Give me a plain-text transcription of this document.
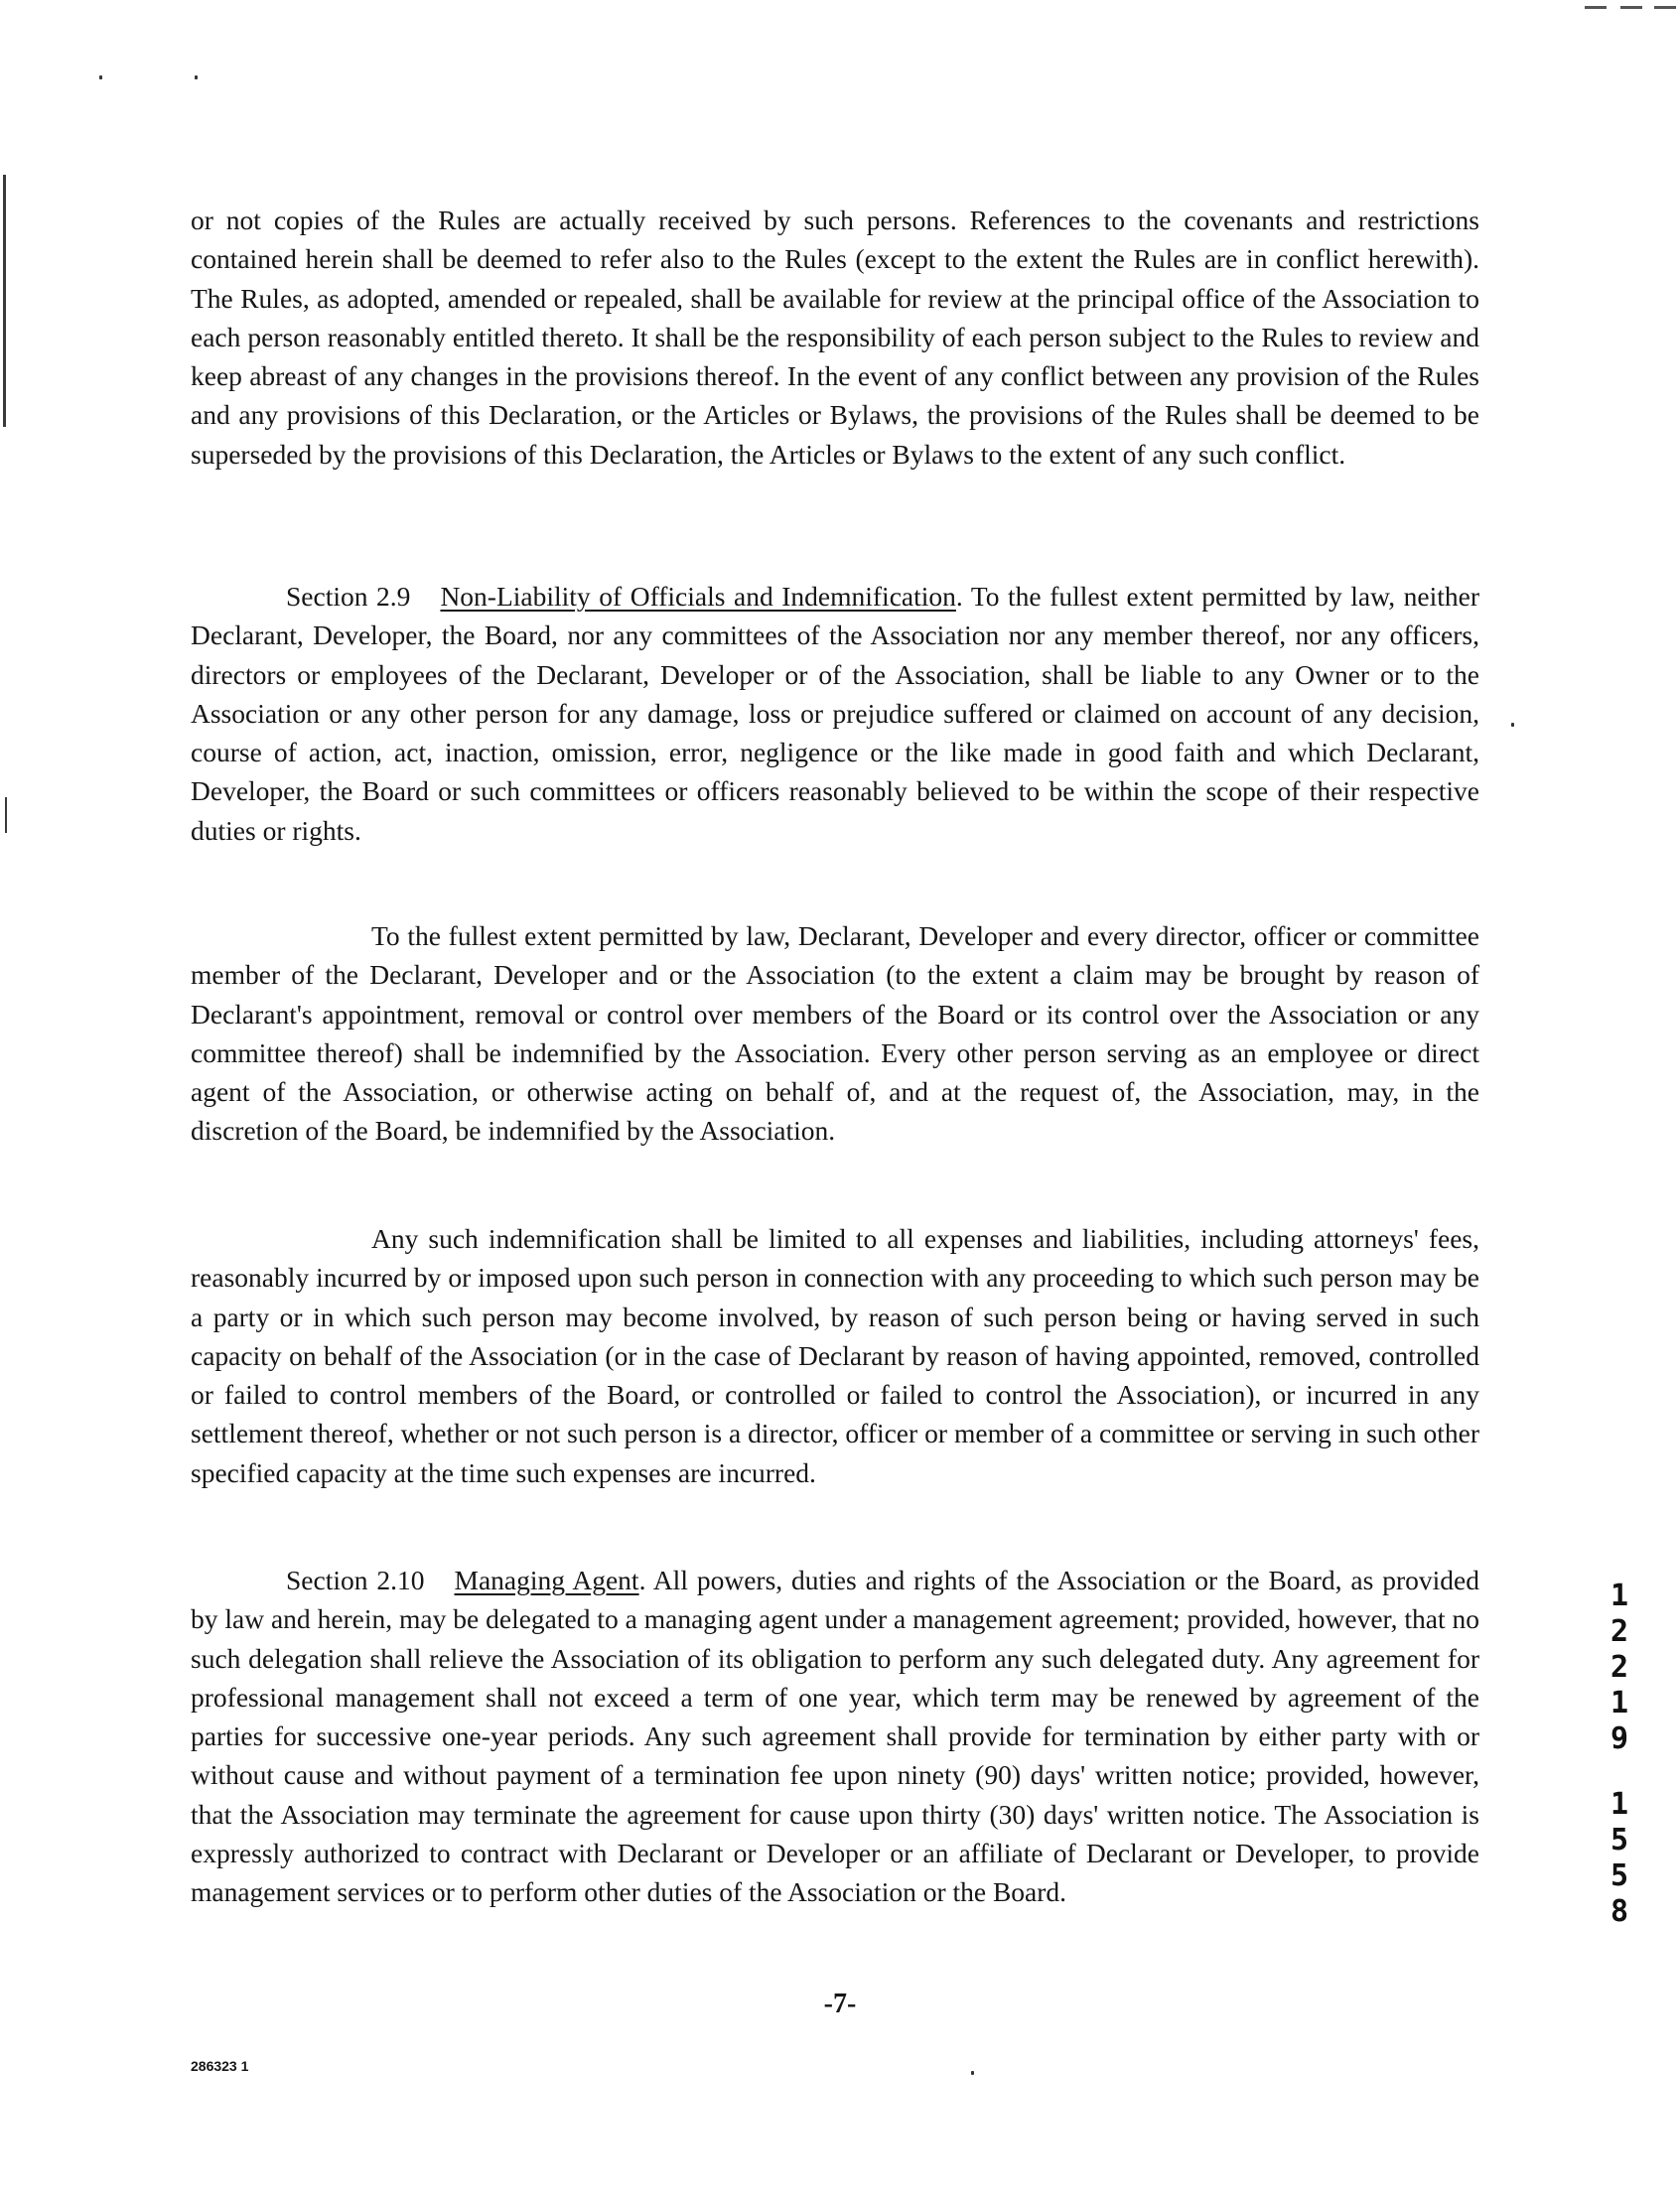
or not copies of the Rules are actually received by such persons. References to the covenants and restrictions contained herein shall be deemed to refer also to the Rules (except to the extent the Rules are in conflict herewith). The Rules, as adopted, amended or repealed, shall be available for review at the principal office of the Association to each person reasonably entitled thereto. It shall be the responsibility of each person subject to the Rules to review and keep abreast of any changes in the provisions thereof. In the event of any conflict between any provision of the Rules and any provisions of this Declaration, or the Articles or Bylaws, the provisions of the Rules shall be deemed to be superseded by the provisions of this Declaration, the Articles or Bylaws to the extent of any such conflict.

Section 2.9 Non-Liability of Officials and Indemnification. To the fullest extent permitted by law, neither Declarant, Developer, the Board, nor any committees of the Association nor any member thereof, nor any officers, directors or employees of the Declarant, Developer or of the Association, shall be liable to any Owner or to the Association or any other person for any damage, loss or prejudice suffered or claimed on account of any decision, course of action, act, inaction, omission, error, negligence or the like made in good faith and which Declarant, Developer, the Board or such committees or officers reasonably believed to be within the scope of their respective duties or rights.

To the fullest extent permitted by law, Declarant, Developer and every director, officer or committee member of the Declarant, Developer and or the Association (to the extent a claim may be brought by reason of Declarant's appointment, removal or control over members of the Board or its control over the Association or any committee thereof) shall be indemnified by the Association. Every other person serving as an employee or direct agent of the Association, or otherwise acting on behalf of, and at the request of, the Association, may, in the discretion of the Board, be indemnified by the Association.

Any such indemnification shall be limited to all expenses and liabilities, including attorneys' fees, reasonably incurred by or imposed upon such person in connection with any proceeding to which such person may be a party or in which such person may become involved, by reason of such person being or having served in such capacity on behalf of the Association (or in the case of Declarant by reason of having appointed, removed, controlled or failed to control members of the Board, or controlled or failed to control the Association), or incurred in any settlement thereof, whether or not such person is a director, officer or member of a committee or serving in such other specified capacity at the time such expenses are incurred.

Section 2.10 Managing Agent. All powers, duties and rights of the Association or the Board, as provided by law and herein, may be delegated to a managing agent under a management agreement; provided, however, that no such delegation shall relieve the Association of its obligation to perform any such delegated duty. Any agreement for professional management shall not exceed a term of one year, which term may be renewed by agreement of the parties for successive one-year periods. Any such agreement shall provide for termination by either party with or without cause and without payment of a termination fee upon ninety (90) days' written notice; provided, however, that the Association may terminate the agreement for cause upon thirty (30) days' written notice. The Association is expressly authorized to contract with Declarant or Developer or an affiliate of Declarant or Developer, to provide management services or to perform other duties of the Association or the Board.

1
2
2
1
9
1
5
5
8
-7-
286323 1
